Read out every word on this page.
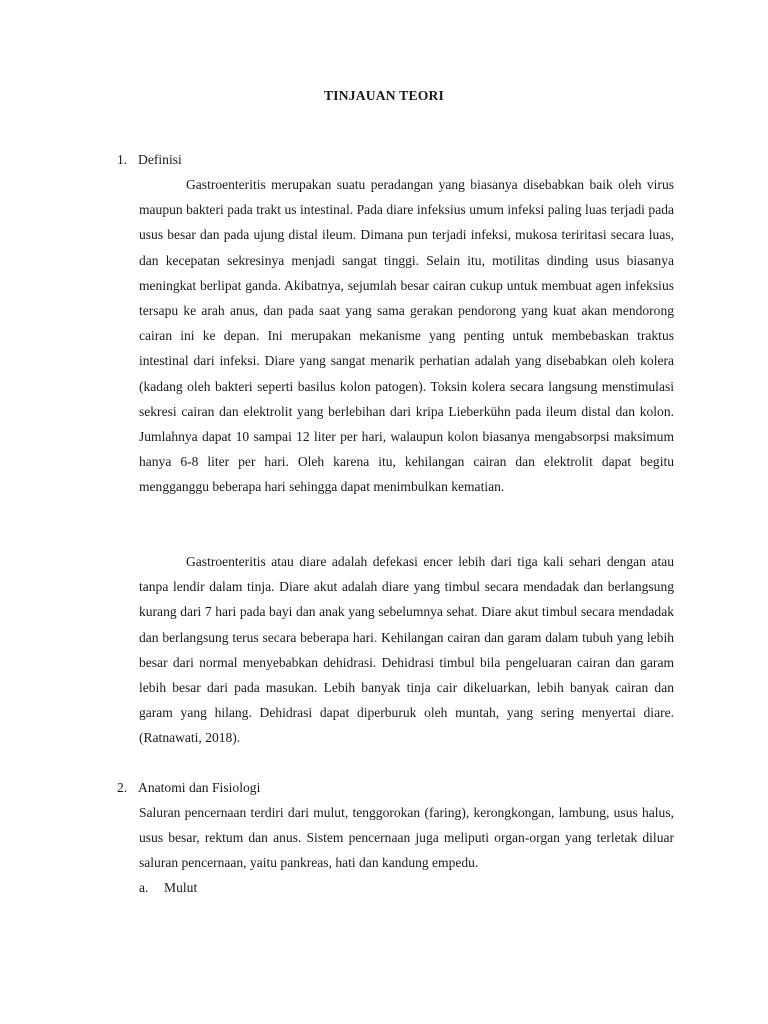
TINJAUAN TEORI
1. Definisi

Gastroenteritis merupakan suatu peradangan yang biasanya disebabkan baik oleh virus maupun bakteri pada trakt us intestinal. Pada diare infeksius umum infeksi paling luas terjadi pada usus besar dan pada ujung distal ileum. Dimana pun terjadi infeksi, mukosa teriritasi secara luas, dan kecepatan sekresinya menjadi sangat tinggi. Selain itu, motilitas dinding usus biasanya meningkat berlipat ganda. Akibatnya, sejumlah besar cairan cukup untuk membuat agen infeksius tersapu ke arah anus, dan pada saat yang sama gerakan pendorong yang kuat akan mendorong cairan ini ke depan. Ini merupakan mekanisme yang penting untuk membebaskan traktus intestinal dari infeksi. Diare yang sangat menarik perhatian adalah yang disebabkan oleh kolera (kadang oleh bakteri seperti basilus kolon patogen). Toksin kolera secara langsung menstimulasi sekresi cairan dan elektrolit yang berlebihan dari kripa Lieberkühn pada ileum distal dan kolon. Jumlahnya dapat 10 sampai 12 liter per hari, walaupun kolon biasanya mengabsorpsi maksimum hanya 6-8 liter per hari. Oleh karena itu, kehilangan cairan dan elektrolit dapat begitu mengganggu beberapa hari sehingga dapat menimbulkan kematian.

Gastroenteritis atau diare adalah defekasi encer lebih dari tiga kali sehari dengan atau tanpa lendir dalam tinja. Diare akut adalah diare yang timbul secara mendadak dan berlangsung kurang dari 7 hari pada bayi dan anak yang sebelumnya sehat. Diare akut timbul secara mendadak dan berlangsung terus secara beberapa hari. Kehilangan cairan dan garam dalam tubuh yang lebih besar dari normal menyebabkan dehidrasi. Dehidrasi timbul bila pengeluaran cairan dan garam lebih besar dari pada masukan. Lebih banyak tinja cair dikeluarkan, lebih banyak cairan dan garam yang hilang. Dehidrasi dapat diperburuk oleh muntah, yang sering menyertai diare. (Ratnawati, 2018).

2. Anatomi dan Fisiologi

Saluran pencernaan terdiri dari mulut, tenggorokan (faring), kerongkongan, lambung, usus halus, usus besar, rektum dan anus. Sistem pencernaan juga meliputi organ-organ yang terletak diluar saluran pencernaan, yaitu pankreas, hati dan kandung empedu.

a. Mulut
